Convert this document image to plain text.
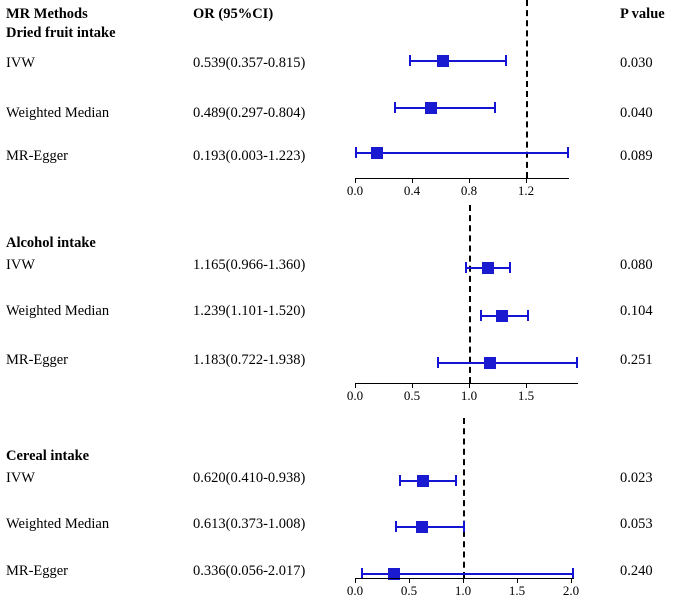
MR Methods	OR (95%CI)	P value
Dried fruit intake
IVW	0.539(0.357-0.815)	0.030
Weighted Median	0.489(0.297-0.804)	0.040
MR-Egger	0.193(0.003-1.223)	0.089
0.0	0.4	0.8	1.2
Alcohol intake
IVW	1.165(0.966-1.360)	0.080
Weighted Median	1.239(1.101-1.520)	0.104
MR-Egger	1.183(0.722-1.938)	0.251
0.0	0.5	1.0	1.5
Cereal intake
IVW	0.620(0.410-0.938)	0.023
Weighted Median	0.613(0.373-1.008)	0.053
MR-Egger	0.336(0.056-2.017)	0.240
0.0	0.5	1.0	1.5	2.0
